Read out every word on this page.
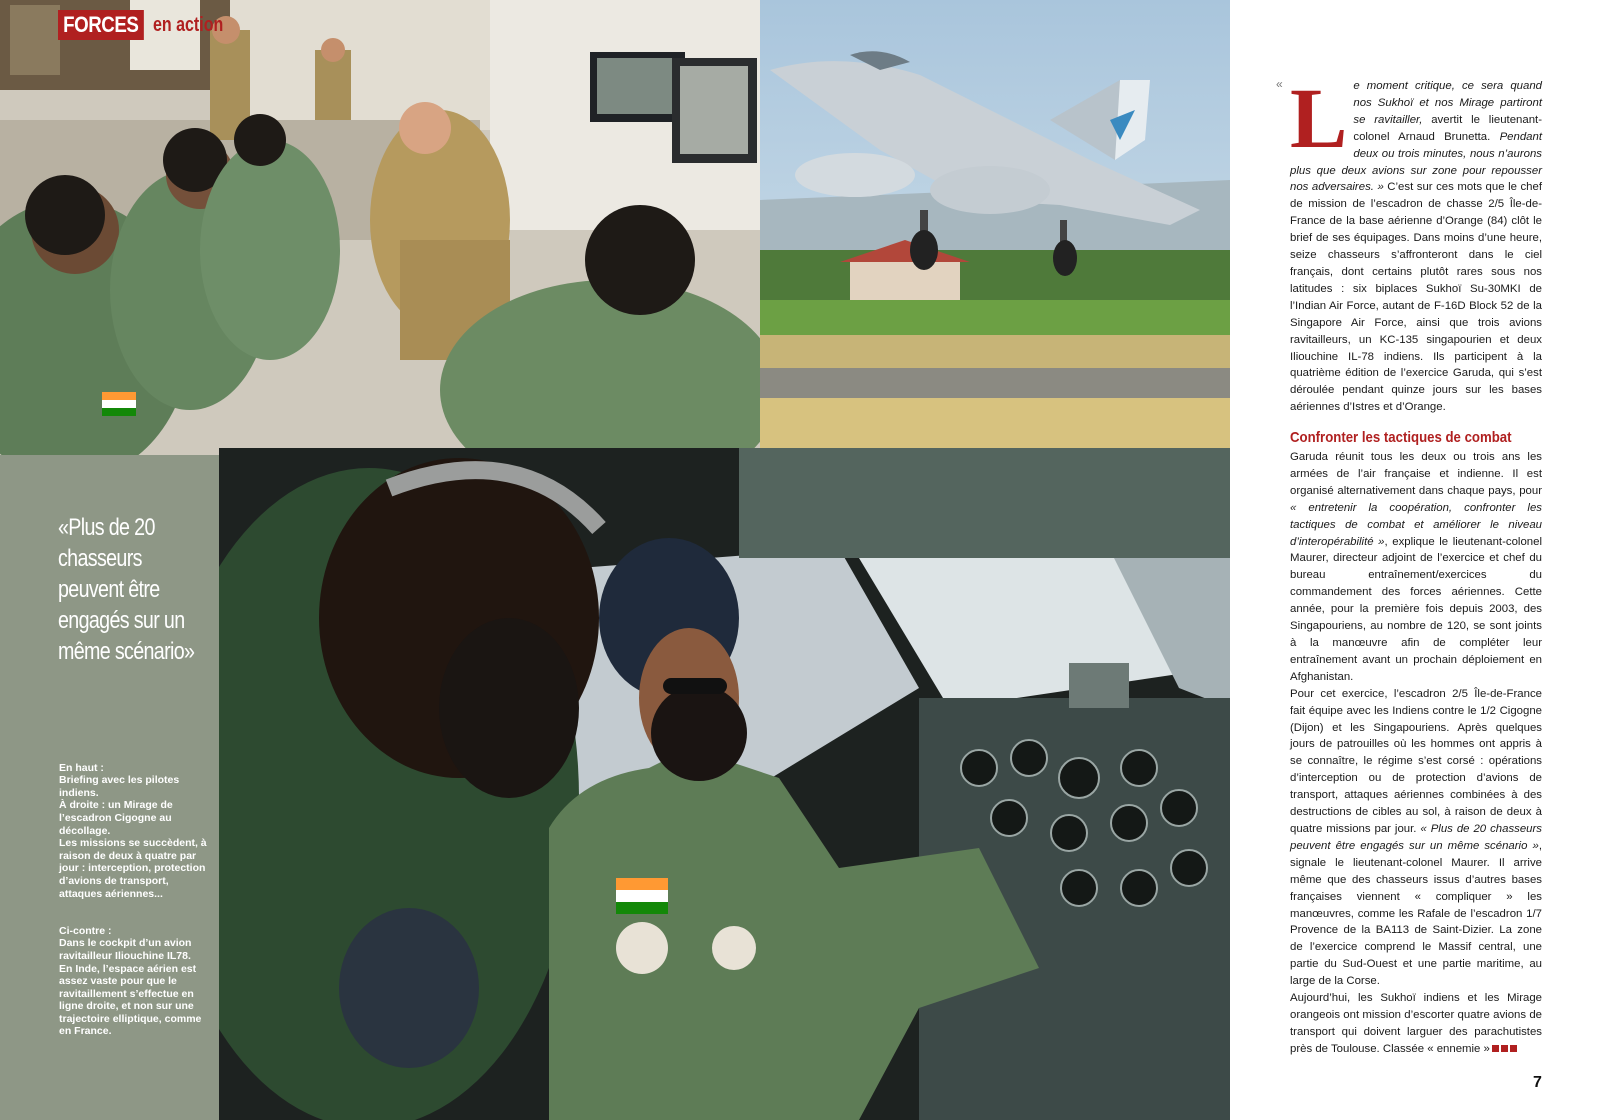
FORCES en action
«Plus de 20 chasseurs peuvent être engagés sur un même scénario»

En haut :
Briefing avec les pilotes indiens.
À droite : un Mirage de l’escadron Cigogne au décollage.
Les missions se succèdent, à raison de deux à quatre par jour : interception, protection d’avions de transport, attaques aériennes...

Ci-contre :
Dans le cockpit d’un avion ravitailleur Iliouchine IL78.
En Inde, l’espace aérien est assez vaste pour que le ravitaillement s’effectue en ligne droite, et non sur une trajectoire elliptique, comme en France.

« Le moment critique, ce sera quand nos Sukhoï et nos Mirage partiront se ravitailler, avertit le lieutenant-colonel Arnaud Brunetta. Pendant deux ou trois minutes, nous n’aurons plus que deux avions sur zone pour repousser nos adversaires. » C’est sur ces mots que le chef de mission de l’escadron de chasse 2/5 Île-de-France de la base aérienne d’Orange (84) clôt le brief de ses équipages. Dans moins d’une heure, seize chasseurs s’affronteront dans le ciel français, dont certains plutôt rares sous nos latitudes : six biplaces Sukhoï Su-30MKI de l’Indian Air Force, autant de F-16D Block 52 de la Singapore Air Force, ainsi que trois avions ravitailleurs, un KC-135 singapourien et deux Iliouchine IL-78 indiens. Ils participent à la quatrième édition de l’exercice Garuda, qui s’est déroulée pendant quinze jours sur les bases aériennes d’Istres et d’Orange.

Confronter les tactiques de combat

Garuda réunit tous les deux ou trois ans les armées de l’air française et indienne. Il est organisé alternativement dans chaque pays, pour « entretenir la coopération, confronter les tactiques de combat et améliorer le niveau d’interopérabilité », explique le lieutenant-colonel Maurer, directeur adjoint de l’exercice et chef du bureau entraînement/exercices du commandement des forces aériennes. Cette année, pour la première fois depuis 2003, des Singapouriens, au nombre de 120, se sont joints à la manœuvre afin de compléter leur entraînement avant un prochain déploiement en Afghanistan.

Pour cet exercice, l’escadron 2/5 Île-de-France fait équipe avec les Indiens contre le 1/2 Cigogne (Dijon) et les Singapouriens. Après quelques jours de patrouilles où les hommes ont appris à se connaître, le régime s’est corsé : opérations d’interception ou de protection d’avions de transport, attaques aériennes combinées à des destructions de cibles au sol, à raison de deux à quatre missions par jour. « Plus de 20 chasseurs peuvent être engagés sur un même scénario », signale le lieutenant-colonel Maurer. Il arrive même que des chasseurs issus d’autres bases françaises viennent « compliquer » les manœuvres, comme les Rafale de l’escadron 1/7 Provence de la BA113 de Saint-Dizier. La zone de l’exercice comprend le Massif central, une partie du Sud-Ouest et une partie maritime, au large de la Corse.

Aujourd’hui, les Sukhoï indiens et les Mirage orangeois ont mission d’escorter quatre avions de transport qui doivent larguer des parachutistes près de Toulouse. Classée « ennemie »

7
